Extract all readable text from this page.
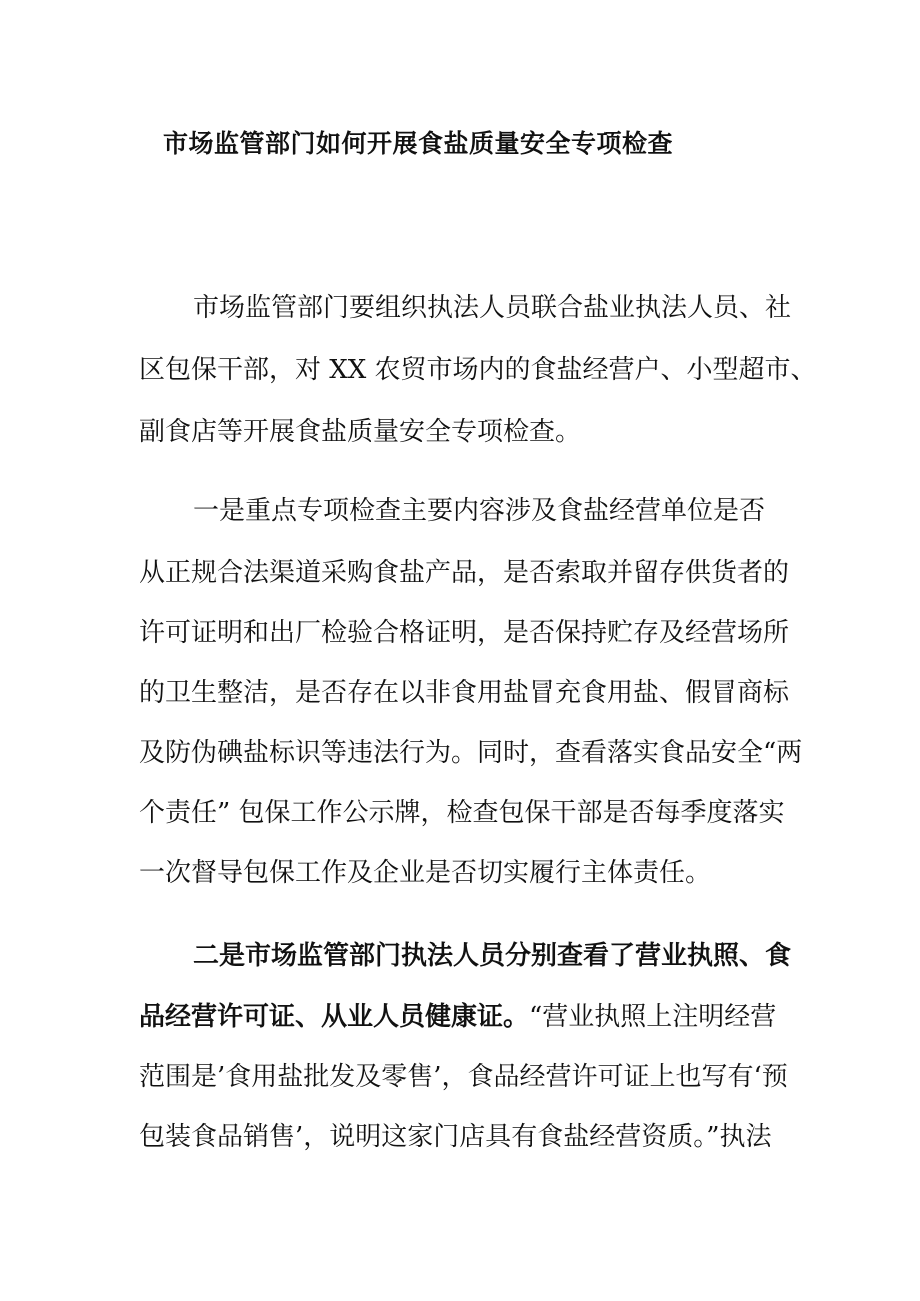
市场监管部门如何开展食盐质量安全专项检查
市场监管部门要组织执法人员联合盐业执法人员、社
区包保干部，对 XX 农贸市场内的食盐经营户、小型超市、
副食店等开展食盐质量安全专项检查。
一是重点专项检查主要内容涉及食盐经营单位是否
从正规合法渠道采购食盐产品，是否索取并留存供货者的
许可证明和出厂检验合格证明，是否保持贮存及经营场所
的卫生整洁，是否存在以非食用盐冒充食用盐、假冒商标
及防伪碘盐标识等违法行为。同时，查看落实食品安全“两
个责任” 包保工作公示牌，检查包保干部是否每季度落实
一次督导包保工作及企业是否切实履行主体责任。
二是市场监管部门执法人员分别查看了营业执照、食
品经营许可证、从业人员健康证。“营业执照上注明经营
范围是’食用盐批发及零售’，食品经营许可证上也写有‘预
包装食品销售’，说明这家门店具有食盐经营资质。”执法
